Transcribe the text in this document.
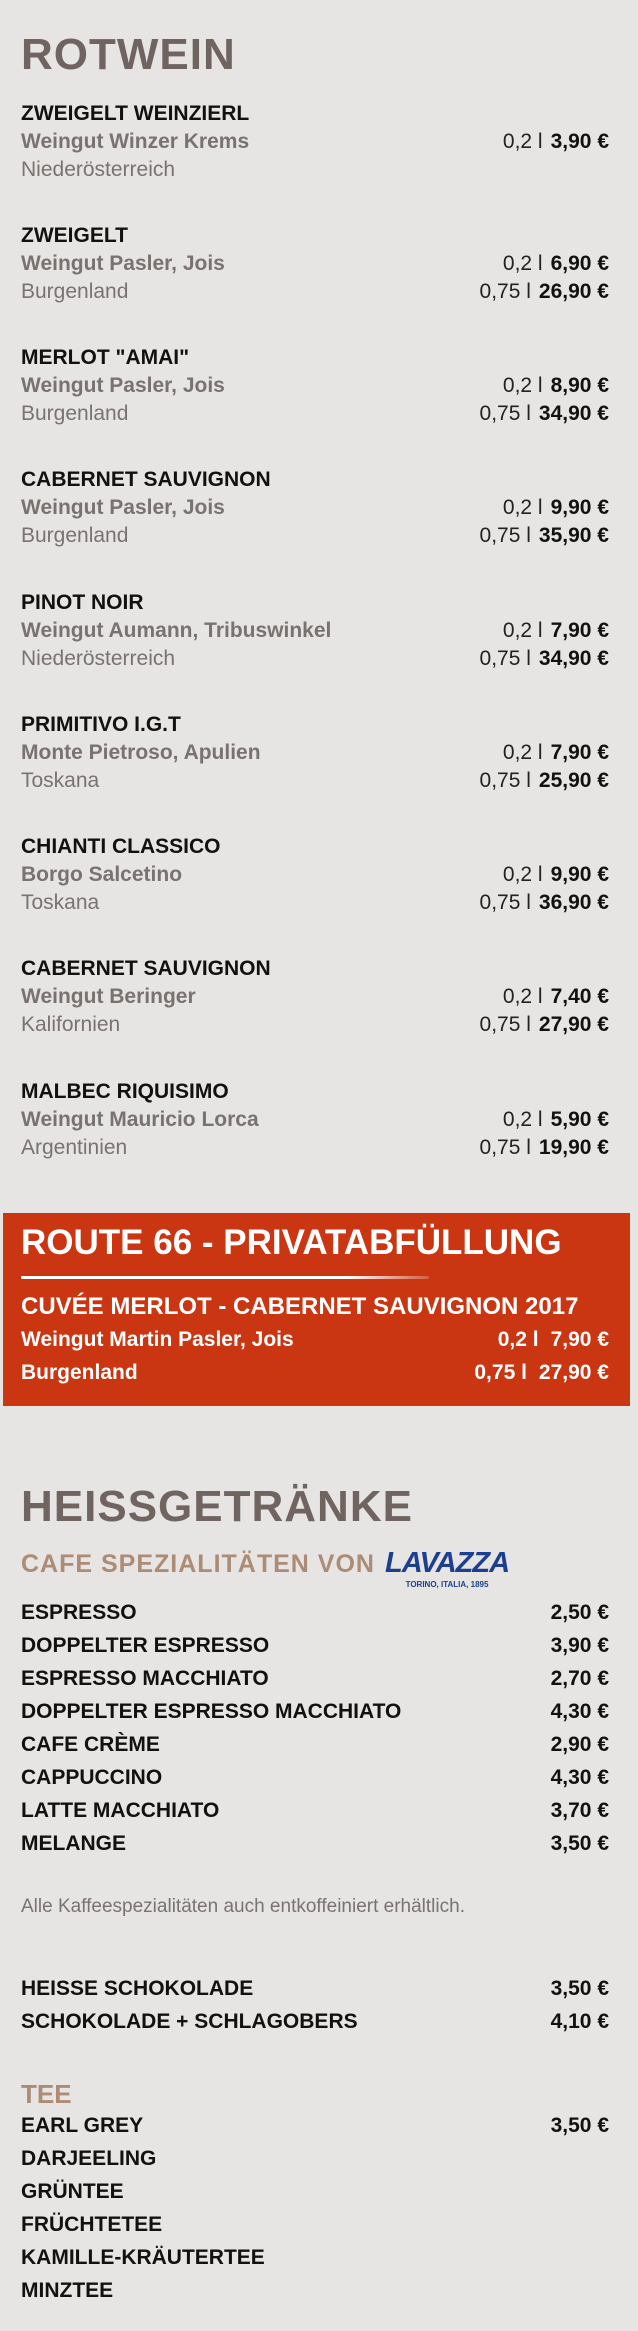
ROTWEIN
ZWEIGELT WEINZIERL
Weingut Winzer Krems
Niederösterreich
0,2 l 3,90 €
ZWEIGELT
Weingut Pasler, Jois
Burgenland
0,2 l 6,90 €
0,75 l 26,90 €
MERLOT "AMAI"
Weingut Pasler, Jois
Burgenland
0,2 l 8,90 €
0,75 l 34,90 €
CABERNET SAUVIGNON
Weingut Pasler, Jois
Burgenland
0,2 l 9,90 €
0,75 l 35,90 €
PINOT NOIR
Weingut Aumann, Tribuswinkel
Niederösterreich
0,2 l 7,90 €
0,75 l 34,90 €
PRIMITIVO I.G.T
Monte Pietroso, Apulien
Toskana
0,2 l 7,90 €
0,75 l 25,90 €
CHIANTI CLASSICO
Borgo Salcetino
Toskana
0,2 l 9,90 €
0,75 l 36,90 €
CABERNET SAUVIGNON
Weingut Beringer
Kalifornien
0,2 l 7,40 €
0,75 l 27,90 €
MALBEC RIQUISIMO
Weingut Mauricio Lorca
Argentinien
0,2 l 5,90 €
0,75 l 19,90 €
ROUTE 66 - PRIVATABFÜLLUNG
CUVÉE MERLOT - CABERNET SAUVIGNON 2017
Weingut Martin Pasler, Jois
Burgenland
0,2 l 7,90 €
0,75 l 27,90 €
HEISSGETRÄNKE
CAFE SPEZIALITÄTEN VON LAVAZZA
TORINO, ITALIA, 1895
ESPRESSO	2,50 €
DOPPELTER ESPRESSO	3,90 €
ESPRESSO MACCHIATO	2,70 €
DOPPELTER ESPRESSO MACCHIATO	4,30 €
CAFE CRÈME	2,90 €
CAPPUCCINO	4,30 €
LATTE MACCHIATO	3,70 €
MELANGE	3,50 €
Alle Kaffeespezialitäten auch entkoffeiniert erhältlich.
HEISSE SCHOKOLADE	3,50 €
SCHOKOLADE + SCHLAGOBERS	4,10 €
TEE
EARL GREY	3,50 €
DARJEELING
GRÜNTEE
FRÜCHTETEE
KAMILLE-KRÄUTERTEE
MINZTEE
